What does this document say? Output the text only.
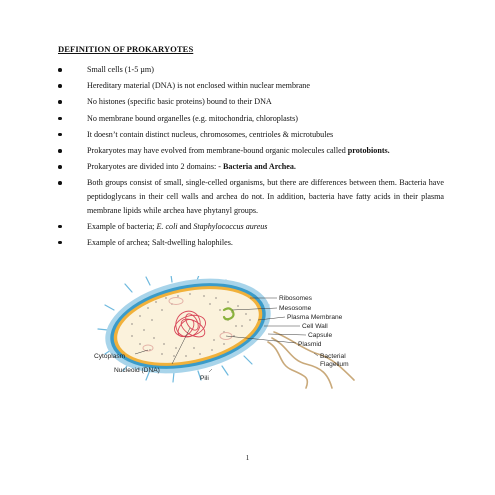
DEFINITION OF PROKARYOTES
Small cells (1-5 µm)
Hereditary material (DNA) is not enclosed within nuclear membrane
No histones (specific basic proteins) bound to their DNA
No membrane bound organelles (e.g. mitochondria, chloroplasts)
It doesn’t contain distinct nucleus, chromosomes, centrioles & microtubules
Prokaryotes may have evolved from membrane-bound organic molecules called protobionts.
Prokaryotes are divided into 2 domains: - Bacteria and Archea.
Both groups consist of small, single-celled organisms, but there are differences between them. Bacteria have peptidoglycans in their cell walls and archea do not. In addition, bacteria have fatty acids in their plasma membrane lipids while archea have phytanyl groups.
Example of bacteria; E. coli and Staphylococcus aureus
Example of archea; Salt-dwelling halophiles.
Ribosomes
Mesosome
Plasma Membrane
Cell Wall
Capsule
Plasmid
Cytoplasm	Bacterial
Flagellum
Nucleoid (DNA)
Pili
1
